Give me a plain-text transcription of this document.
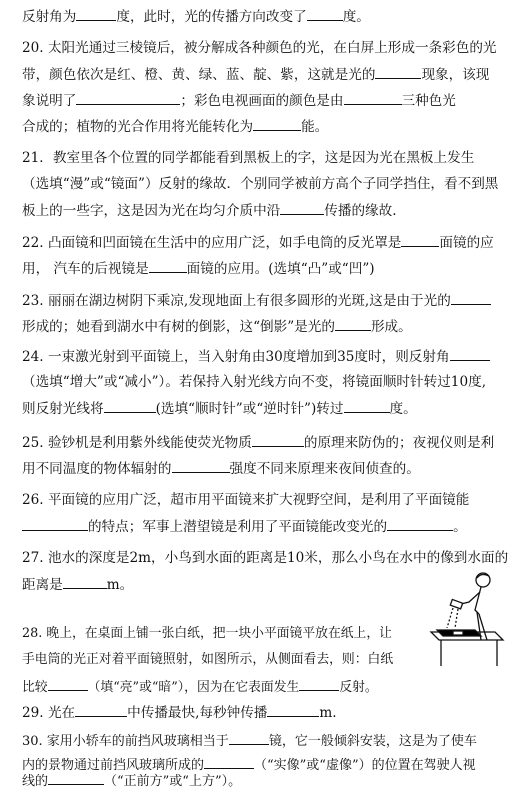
反射角为	度，此时，光的传播方向改变了	度。
20. 太阳光通过三棱镜后，被分解成各种颜色的光，在白屏上形成一条彩色的光
带，颜色依次是红、橙、黄、绿、蓝、靛、紫，这就是光的	现象，该现
象说明了	；彩色电视画面的颜色是由	三种色光
合成的；植物的光合作用将光能转化为	能。
21．教室里各个位置的同学都能看到黑板上的字，这是因为光在黑板上发生
（选填“漫”或“镜面”）反射的缘故．个别同学被前方高个子同学挡住，看不到黑
板上的一些字，这是因为光在均匀介质中沿	传播的缘故.
22. 凸面镜和凹面镜在生活中的应用广泛，如手电筒的反光罩是	面镜的应
用， 汽车的后视镜是	面镜的应用。(选填“凸”或“凹”)
23. 丽丽在湖边树阴下乘凉,发现地面上有很多圆形的光斑,这是由于光的
形成的；她看到湖水中有树的倒影，这“倒影”是光的	形成。
24. 一束激光射到平面镜上，当入射角由30度增加到35度时，则反射角
（选填“增大”或“减小”）。若保持入射光线方向不变，将镜面顺时针转过10度,
则反射光线将	(选填“顺时针”或“逆时针”)转过	度。
25. 验钞机是利用紫外线能使荧光物质	的原理来防伪的；夜视仪则是利
用不同温度的物体辐射的	强度不同来原理来夜间侦查的。
26. 平面镜的应用广泛，超市用平面镜来扩大视野空间，是利用了平面镜能
的特点；军事上潜望镜是利用了平面镜能改变光的	。
27. 池水的深度是2m，小鸟到水面的距离是10米，那么小鸟在水中的像到水面的
距离是	m。
28. 晚上，在桌面上铺一张白纸，把一块小平面镜平放在纸上，让
手电筒的光正对着平面镜照射，如图所示，从侧面看去，则：白纸
比较	（填“亮”或“暗”），因为在它表面发生	反射。
29. 光在	中传播最快,每秒钟传播	m.
30. 家用小轿车的前挡风玻璃相当于	镜，它一般倾斜安装，这是为了使车
内的景物通过前挡风玻璃所成的	（“实像”或“虚像”）的位置在驾驶人视
线的	（“正前方”或“上方”）。
